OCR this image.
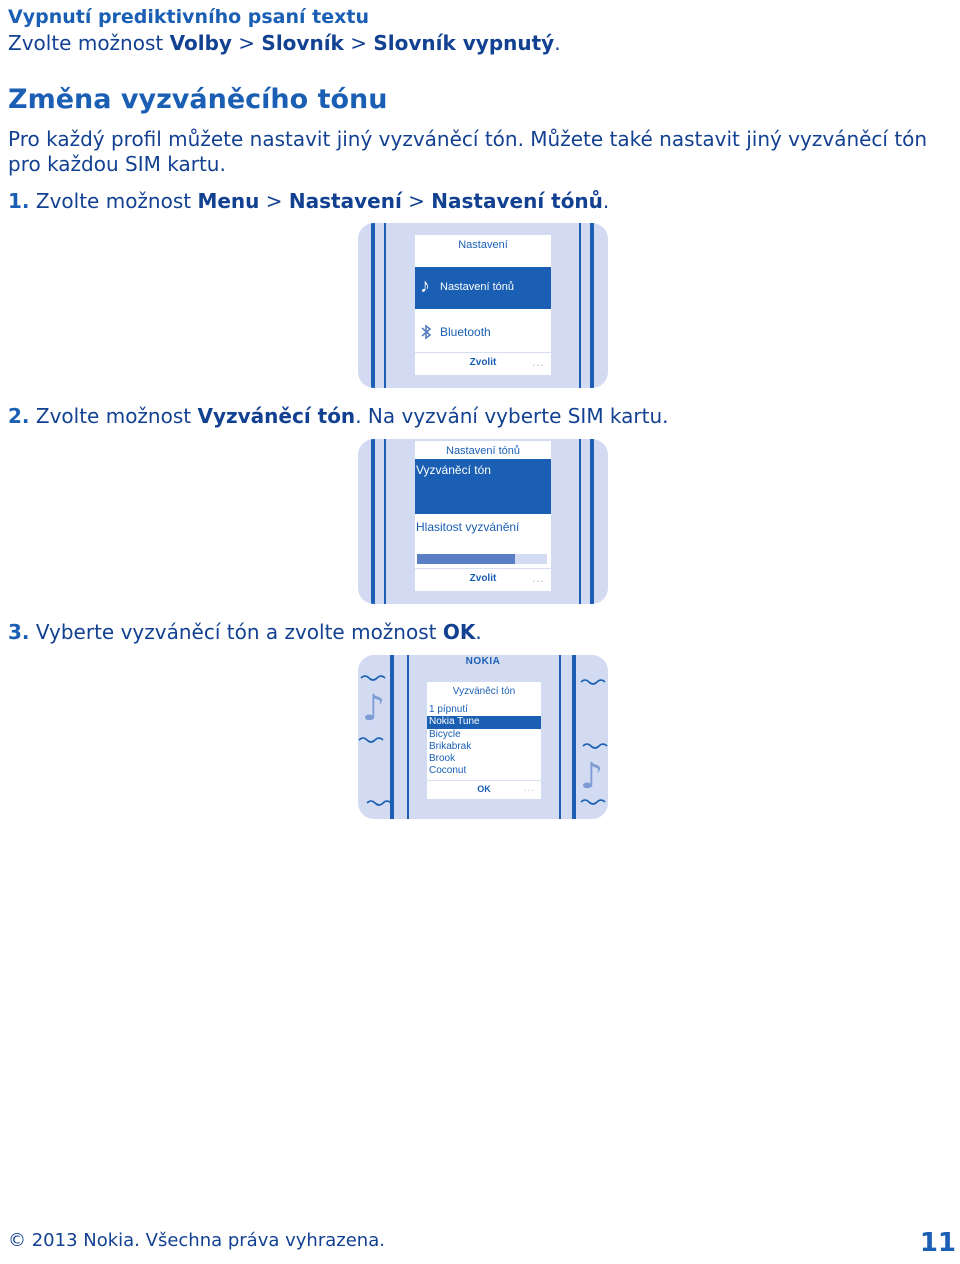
Vypnutí prediktivního psaní textu
Zvolte možnost Volby > Slovník > Slovník vypnutý.
Změna vyzváněcího tónu
Pro každý profil můžete nastavit jiný vyzváněcí tón. Můžete také nastavit jiný vyzváněcí tón pro každou SIM kartu.
1. Zvolte možnost Menu > Nastavení > Nastavení tónů.
Nastavení
♪ Nastavení tónů
Bluetooth
Zvolit	...
2. Zvolte možnost Vyzváněcí tón. Na vyzvání vyberte SIM kartu.
Nastavení tónů
Vyzváněcí tón
Hlasitost vyzvánění
Zvolit	...
3. Vyberte vyzváněcí tón a zvolte možnost OK.
NOKIA
♪
♪
Vyzváněcí tón
1 pípnutí
Nokia Tune
Bicycle
Brikabrak
Brook
Coconut
OK	...
© 2013 Nokia. Všechna práva vyhrazena.	11
